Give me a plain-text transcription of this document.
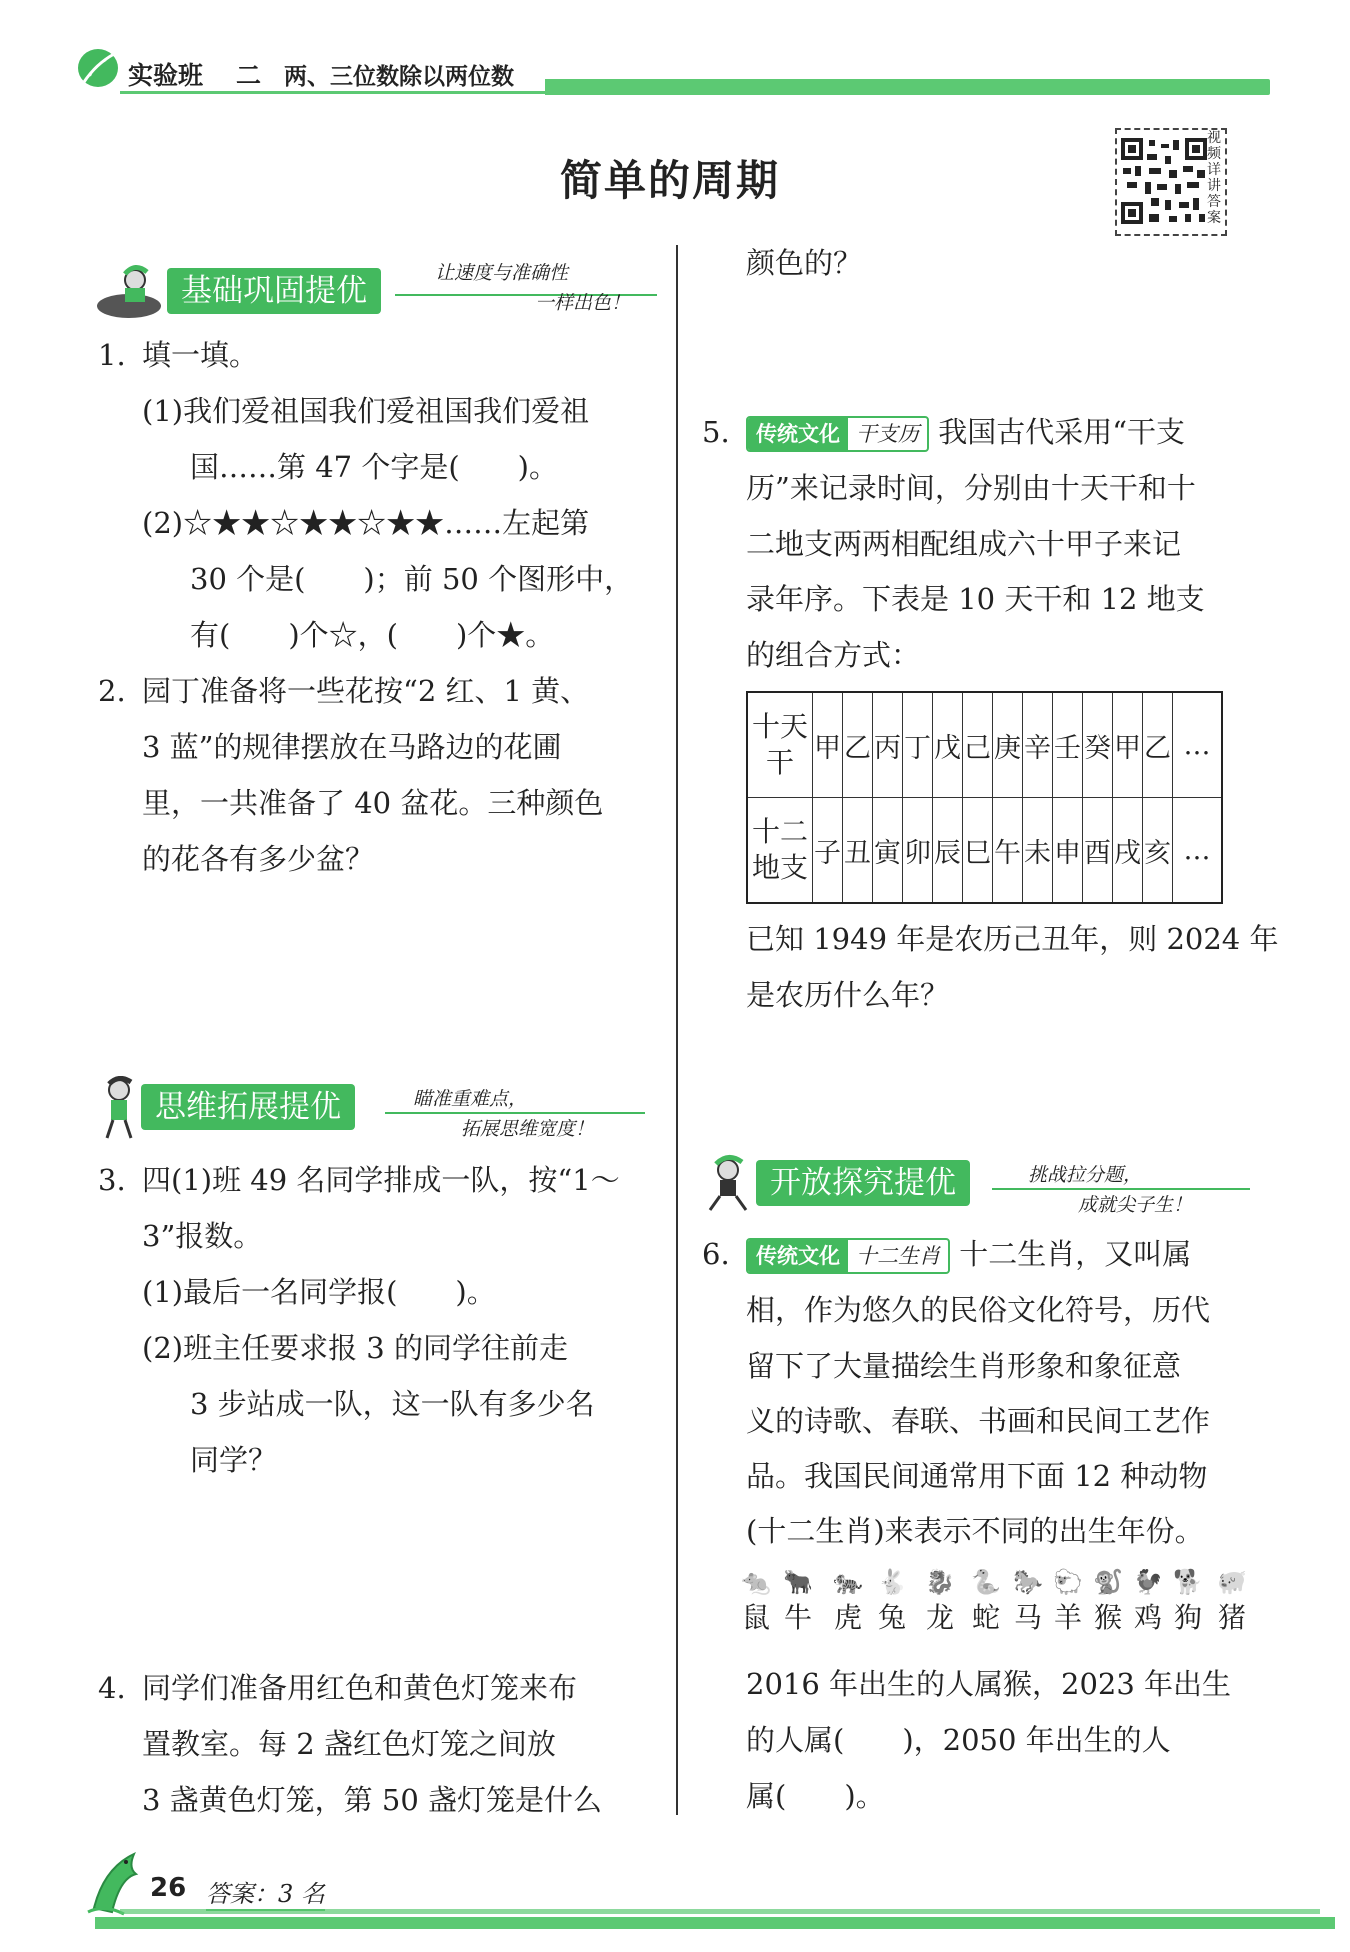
实验班 二 两、三位数除以两位数
简单的周期
视频详讲答案
基础巩固提优	让速度与准确性
一样出色！
1. 填一填。
(1)我们爱祖国我们爱祖国我们爱祖
国……第 47 个字是(　　)。
(2)☆★★☆★★☆★★……左起第
30 个是(　　)；前 50 个图形中，
有(　　)个☆，(　　)个★。
2. 园丁准备将一些花按“2 红、1 黄、
3 蓝”的规律摆放在马路边的花圃
里，一共准备了 40 盆花。三种颜色
的花各有多少盆？
思维拓展提优	瞄准重难点，
拓展思维宽度！
3. 四(1)班 49 名同学排成一队，按“1～
3”报数。
(1)最后一名同学报(　　)。
(2)班主任要求报 3 的同学往前走
3 步站成一队，这一队有多少名
同学？
4. 同学们准备用红色和黄色灯笼来布
置教室。每 2 盏红色灯笼之间放
3 盏黄色灯笼，第 50 盏灯笼是什么
颜色的？
5.	传统文化 干支历 我国古代采用“干支
历”来记录时间，分别由十天干和十
二地支两两相配组成六十甲子来记
录年序。下表是 10 天干和 12 地支
的组合方式：
十天
干	甲	乙	丙	丁	戊	己	庚	辛	壬	癸	甲	乙	…
十二
地支	子	丑	寅	卯	辰	巳	午	未	申	酉	戌	亥	…
已知 1949 年是农历己丑年，则 2024 年
是农历什么年？
开放探究提优	挑战拉分题，
成就尖子生！
6.	传统文化 十二生肖 十二生肖，又叫属
相，作为悠久的民俗文化符号，历代
留下了大量描绘生肖形象和象征意
义的诗歌、春联、书画和民间工艺作
品。我国民间通常用下面 12 种动物
(十二生肖)来表示不同的出生年份。
🐀
鼠
🐂
牛
🐅
虎
🐇
兔
🐉
龙
🐍
蛇
🐎
马
🐑
羊
🐒
猴
🐓
鸡
🐕
狗
🐖
猪
2016 年出生的人属猴，2023 年出生
的人属(　　)，2050 年出生的人
属(　　)。
26 答案：3 名
